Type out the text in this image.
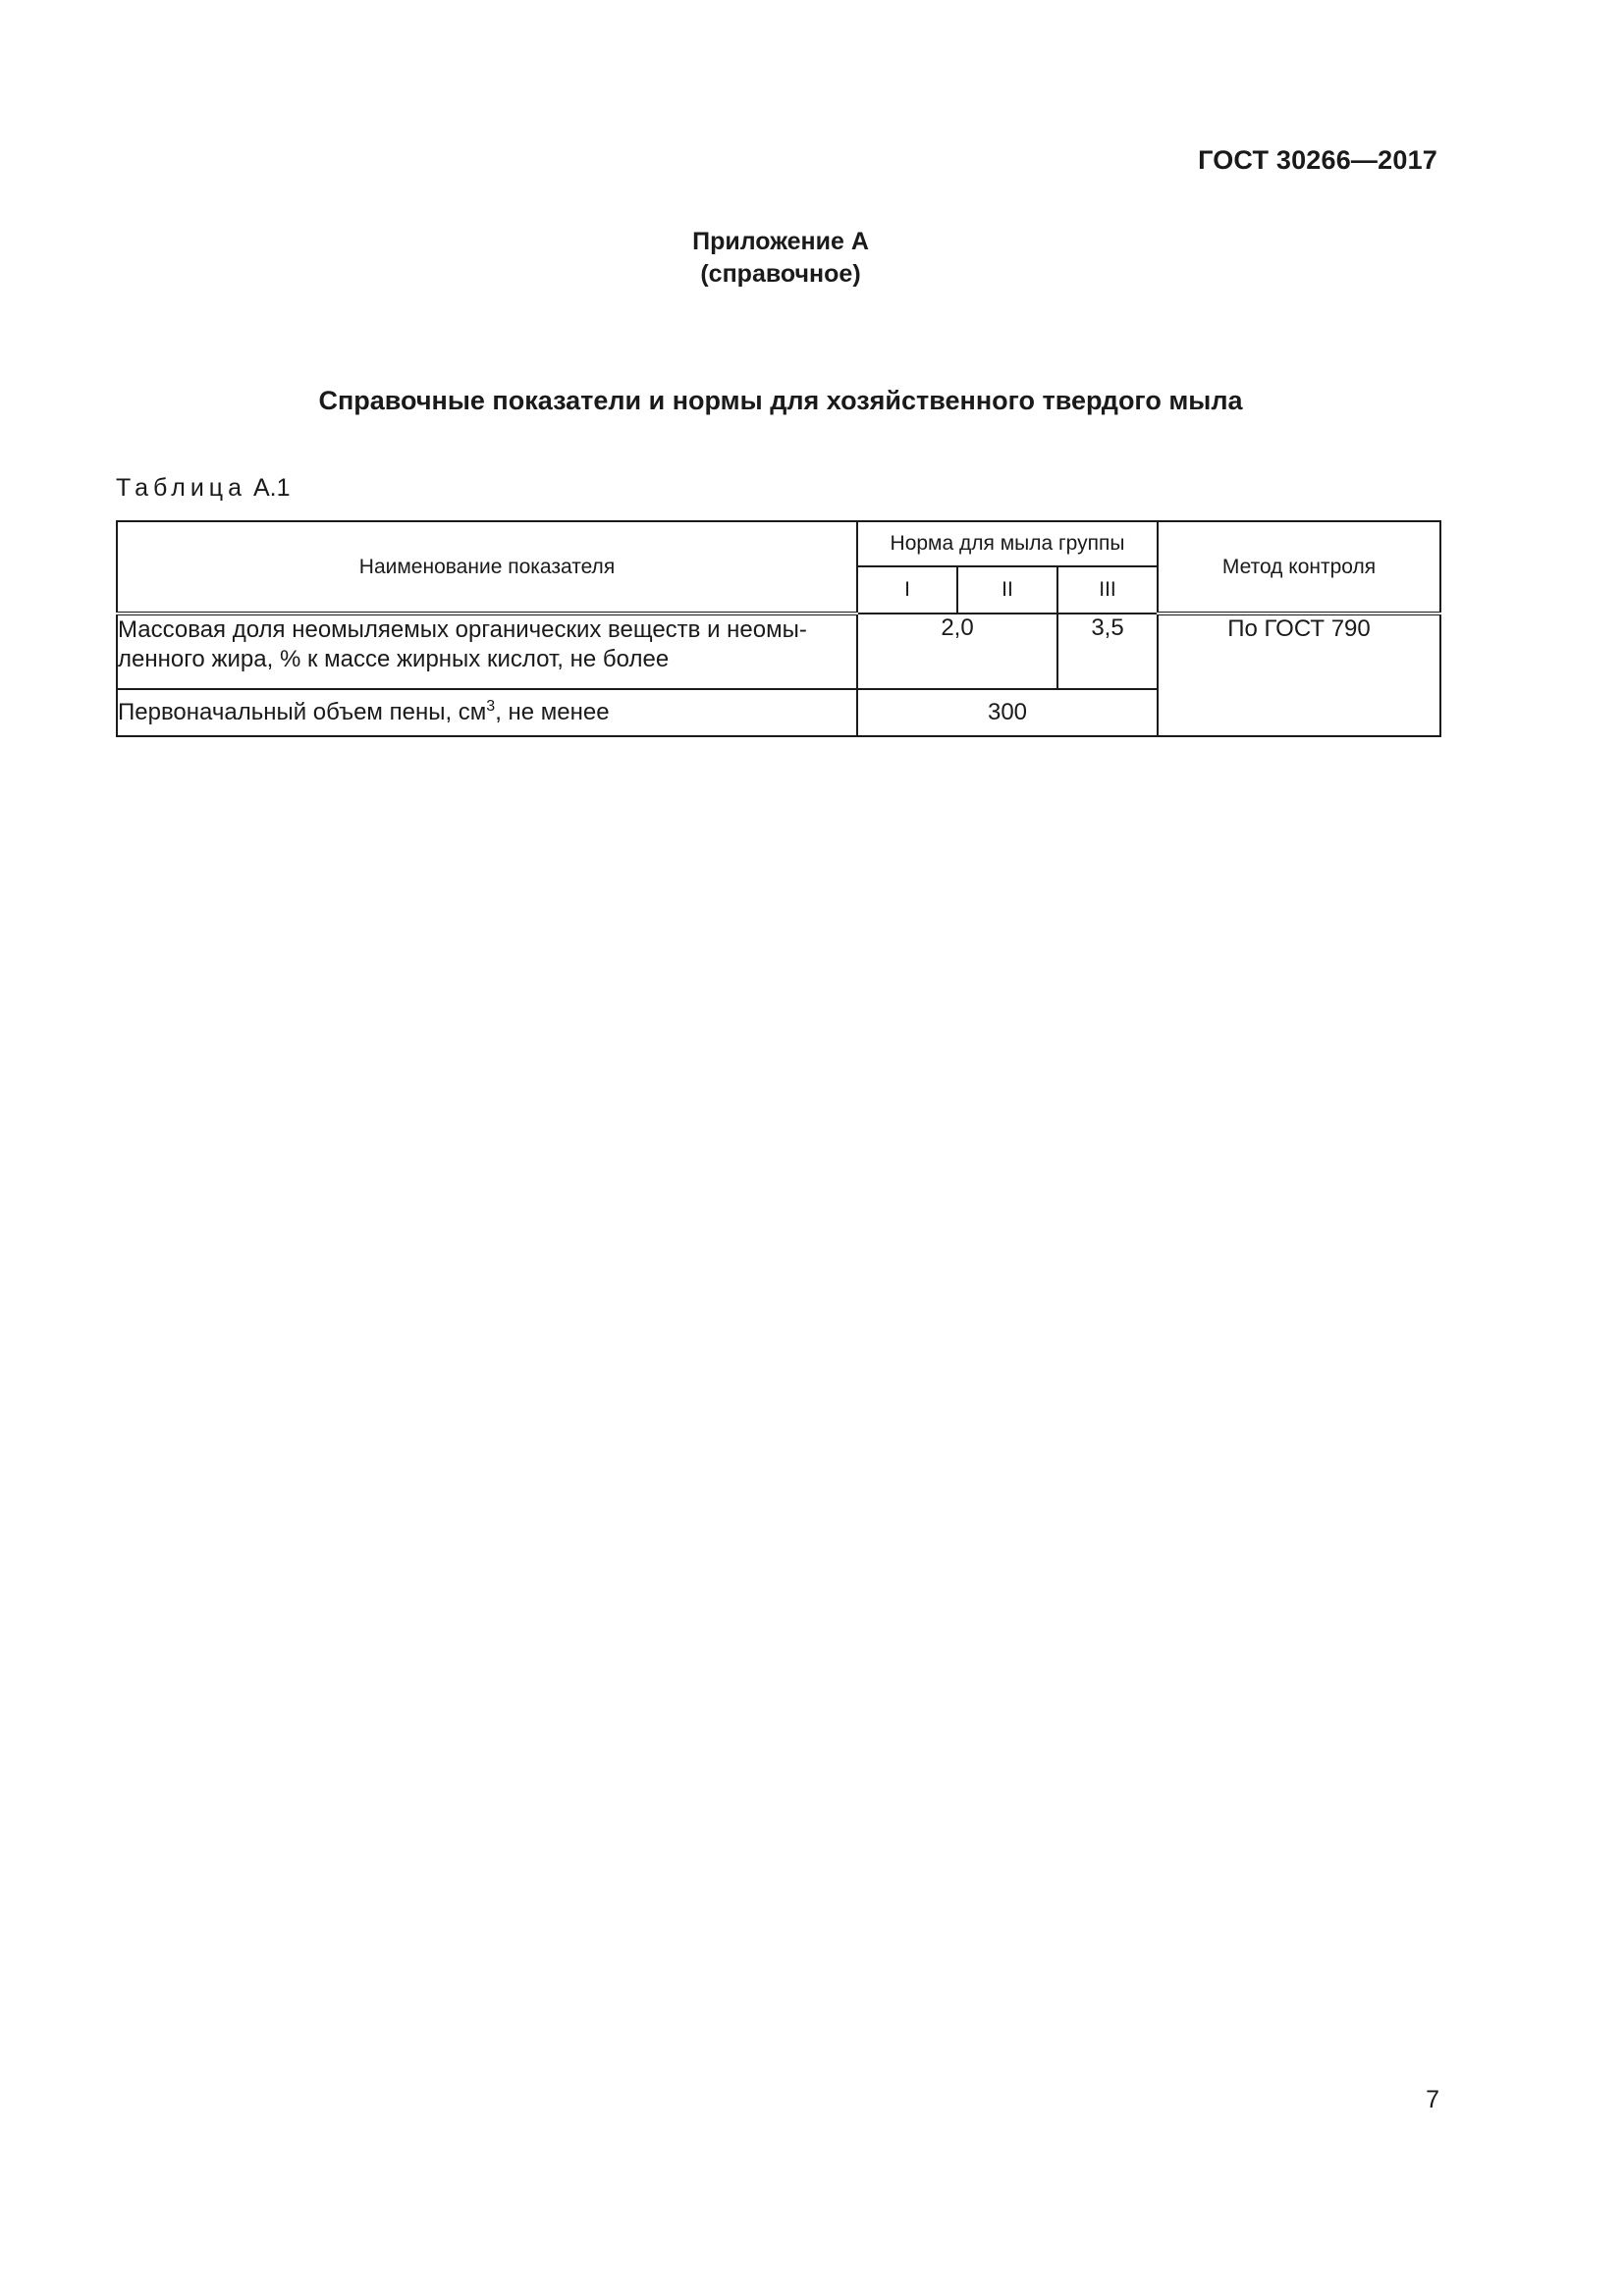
ГОСТ 30266—2017
Приложение А
(справочное)
Справочные показатели и нормы для хозяйственного твердого мыла
Таблица А.1
Наименование показателя	Норма для мыла группы			Метод контроля
	I	II	III	

Массовая доля неомыляемых органических веществ и неомы-
ленного жира, % к массе жирных кислот, не более	2,0		3,5	По ГОСТ 790
Первоначальный объем пены, $см^3$, не менее	300			
7
